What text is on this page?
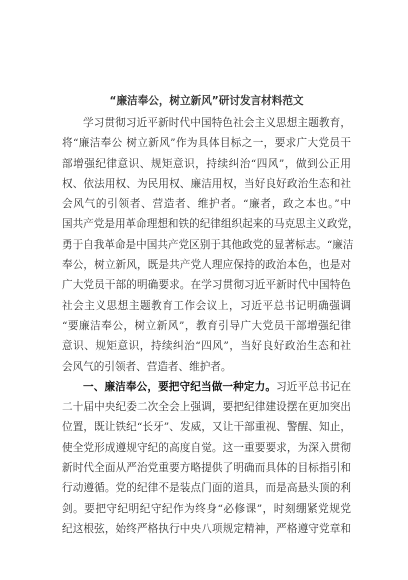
“廉洁奉公，树立新风”研讨发言材料范文
学习贯彻习近平新时代中国特色社会主义思想主题教育，
将“廉洁奉公 树立新风”作为具体目标之一，要求广大党员干
部增强纪律意识、规矩意识，持续纠治“四风”，做到公正用
权、依法用权、为民用权、廉洁用权，当好良好政治生态和社
会风气的引领者、营造者、维护者。“廉者，政之本也。”中
国共产党是用革命理想和铁的纪律组织起来的马克思主义政党，
勇于自我革命是中国共产党区别于其他政党的显著标志。“廉洁
奉公，树立新风，既是共产党人理应保持的政治本色，也是对
广大党员干部的明确要求。在学习贯彻习近平新时代中国特色
社会主义思想主题教育工作会议上，习近平总书记明确强调
“要廉洁奉公，树立新风”，教育引导广大党员干部增强纪律
意识、规矩意识，持续纠治“四风”，当好良好政治生态和社
会风气的引领者、营造者、维护者。
一、廉洁奉公，要把守纪当做一种定力。习近平总书记在
二十届中央纪委二次全会上强调，要把纪律建设摆在更加突出
位置，既让铁纪“长牙”、发威，又让干部重视、警醒、知止，
使全党形成遵规守纪的高度自觉。这一重要要求，为深入贯彻
新时代全面从严治党重要方略提供了明确而具体的目标指引和
行动遵循。党的纪律不是装点门面的道具，而是高悬头顶的利
剑。要把守纪明纪守纪作为终身“必修课”，时刻绷紧党规党
纪这根弦，始终严格执行中央八项规定精神，严格遵守党章和
